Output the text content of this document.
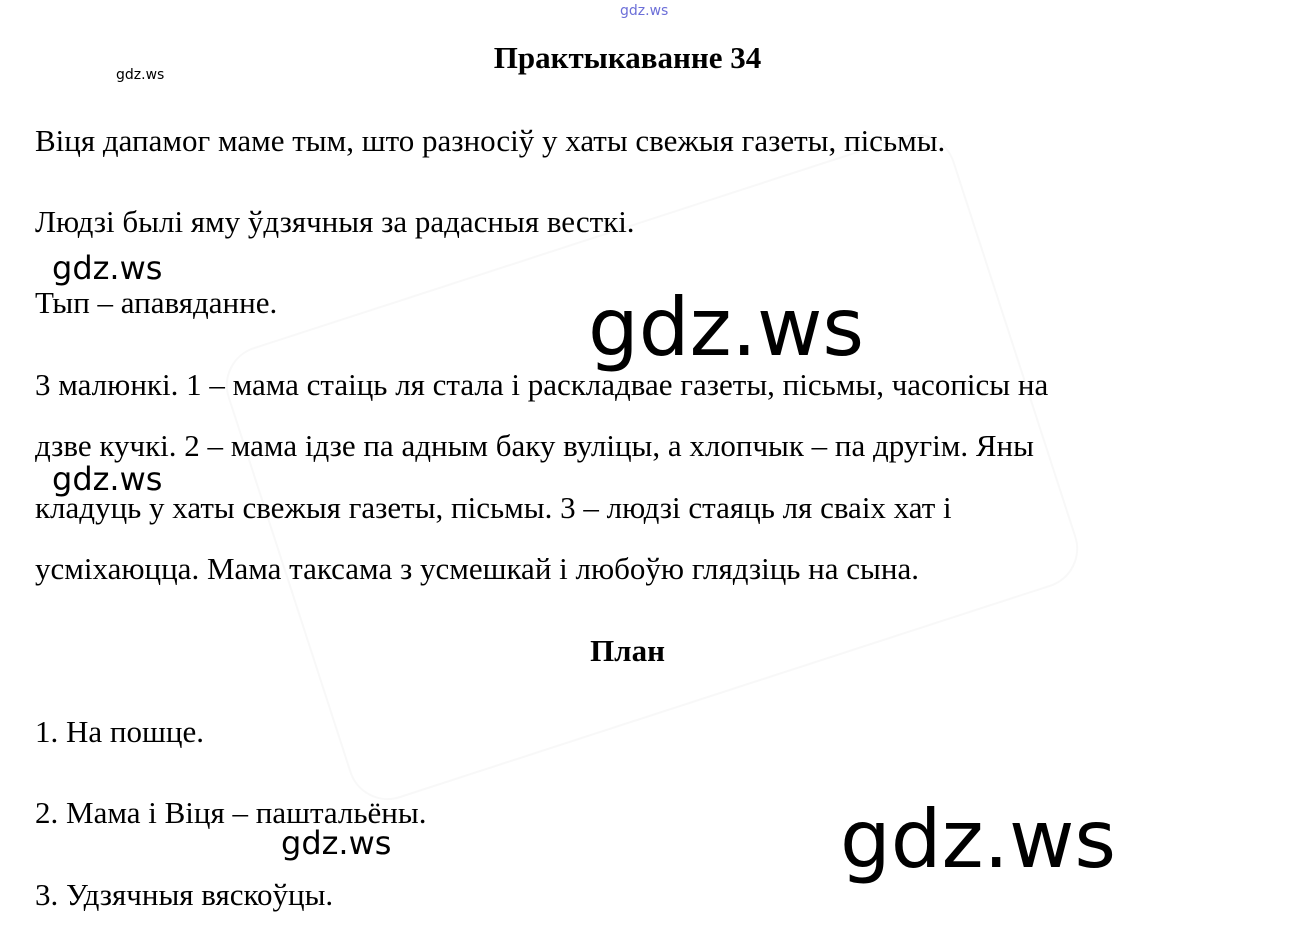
gdz.ws
gdz.ws	Практыкаванне 34
Віця дапамог маме тым, што разносіў у хаты свежыя газеты, пісьмы.
Людзі былі яму ўдзячныя за радасныя весткі.
Тып – апавяданне.
3 малюнкі. 1 – мама стаіць ля стала і раскладвае газеты, пісьмы, часопісы на
дзве кучкі. 2 – мама ідзе па адным баку вуліцы, а хлопчык – па другім. Яны
кладуць у хаты свежыя газеты, пісьмы. 3 – людзі стаяць ля сваіх хат і
усміхаюцца. Мама таксама з усмешкай і любоўю глядзіць на сына.
План
1. На пошце.
2. Мама і Віця – паштальёны.
3. Удзячныя вяскоўцы.
gdz.ws
gdz.ws
gdz.ws
gdz.ws	gdz.ws
